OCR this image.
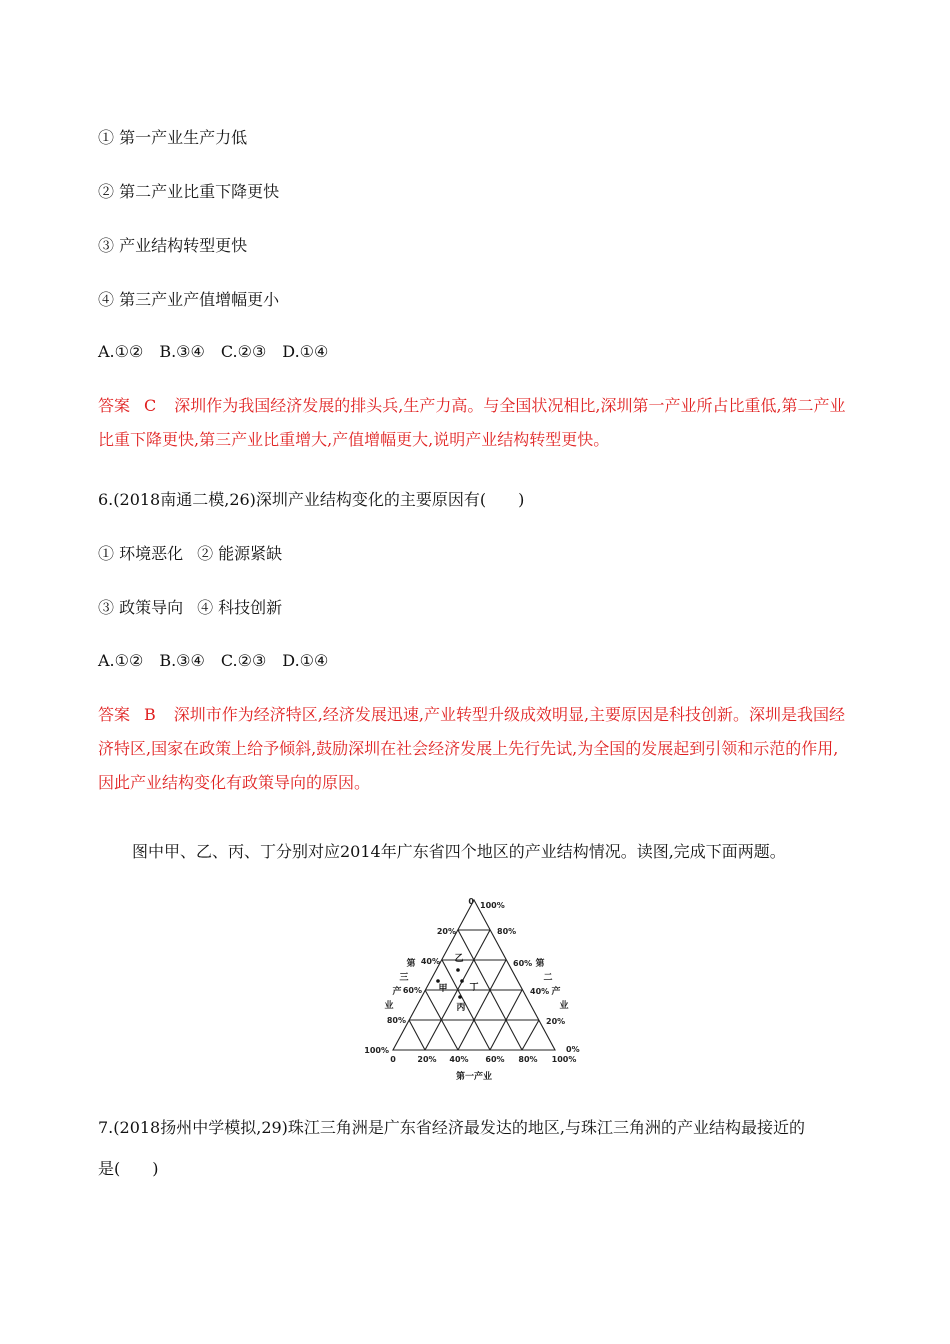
① 第一产业生产力低
② 第二产业比重下降更快
③ 产业结构转型更快
④ 第三产业产值增幅更小
A.①②　B.③④　C.②③　D.①④
答案 C 深圳作为我国经济发展的排头兵,生产力高。与全国状况相比,深圳第一产业所占比重低,第二产业比重下降更快,第三产业比重增大,产值增幅更大,说明产业结构转型更快。
6.(2018南通二模,26)深圳产业结构变化的主要原因有(　　)
① 环境恶化 ② 能源紧缺
③ 政策导向 ④ 科技创新
A.①②　B.③④　C.②③　D.①④
答案 B 深圳市作为经济特区,经济发展迅速,产业转型升级成效明显,主要原因是科技创新。深圳是我国经济特区,国家在政策上给予倾斜,鼓励深圳在社会经济发展上先行先试,为全国的发展起到引领和示范的作用,因此产业结构变化有政策导向的原因。
图中甲、乙、丙、丁分别对应2014年广东省四个地区的产业结构情况。读图,完成下面两题。
0	20% 40% 60% 80% 100%
第一产业
100%
80%
60%
40%
20%
0
0%
20%
40%
60%
80%
100%
第
三
产
业
第
二
产
业
乙
甲 丁
丙
7.(2018扬州中学模拟,29)珠江三角洲是广东省经济最发达的地区,与珠江三角洲的产业结构最接近的
是(　　)
